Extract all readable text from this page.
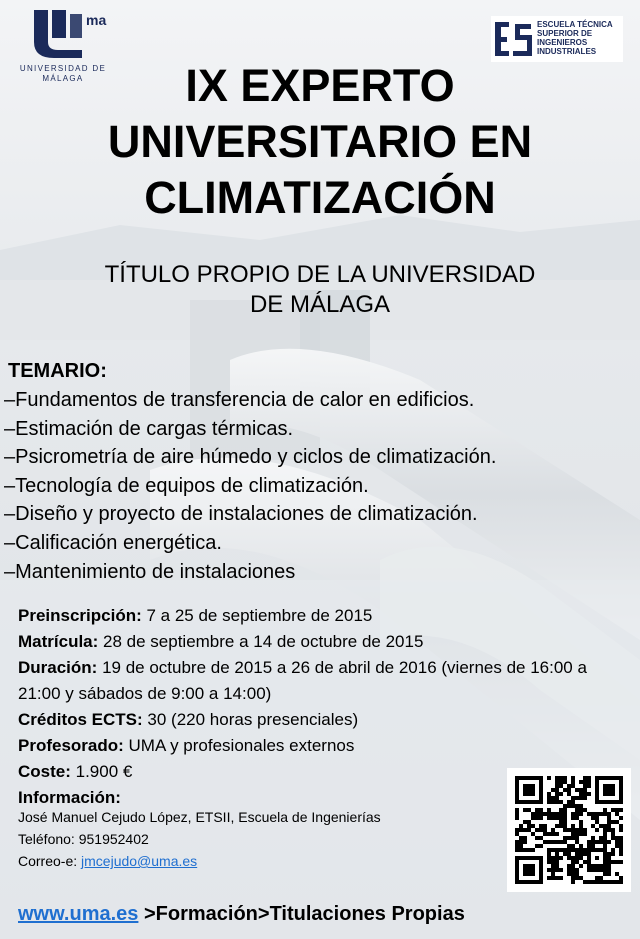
ma
UNIVERSIDAD DE MÁLAGA
ESCUELA TÉCNICA
SUPERIOR DE
INGENIEROS
INDUSTRIALES
IX EXPERTO
UNIVERSITARIO EN
CLIMATIZACIÓN
TÍTULO PROPIO DE LA UNIVERSIDAD
DE MÁLAGA
TEMARIO:
–Fundamentos de transferencia de calor en edificios.
–Estimación de cargas térmicas.
–Psicrometría de aire húmedo y ciclos de climatización.
–Tecnología de equipos de climatización.
–Diseño y proyecto de instalaciones de climatización.
–Calificación energética.
–Mantenimiento de instalaciones
Preinscripción: 7 a 25 de septiembre de 2015
Matrícula: 28 de septiembre a 14 de octubre de 2015
Duración: 19 de octubre de 2015 a 26 de abril de 2016 (viernes de 16:00 a 21:00 y sábados de 9:00 a 14:00)
Créditos ECTS: 30 (220 horas presenciales)
Profesorado: UMA y profesionales externos
Coste: 1.900 €
Información:
José Manuel Cejudo López, ETSII, Escuela de Ingenierías
Teléfono: 951952402
Correo-e: jmcejudo@uma.es
www.uma.es >Formación>Titulaciones Propias
